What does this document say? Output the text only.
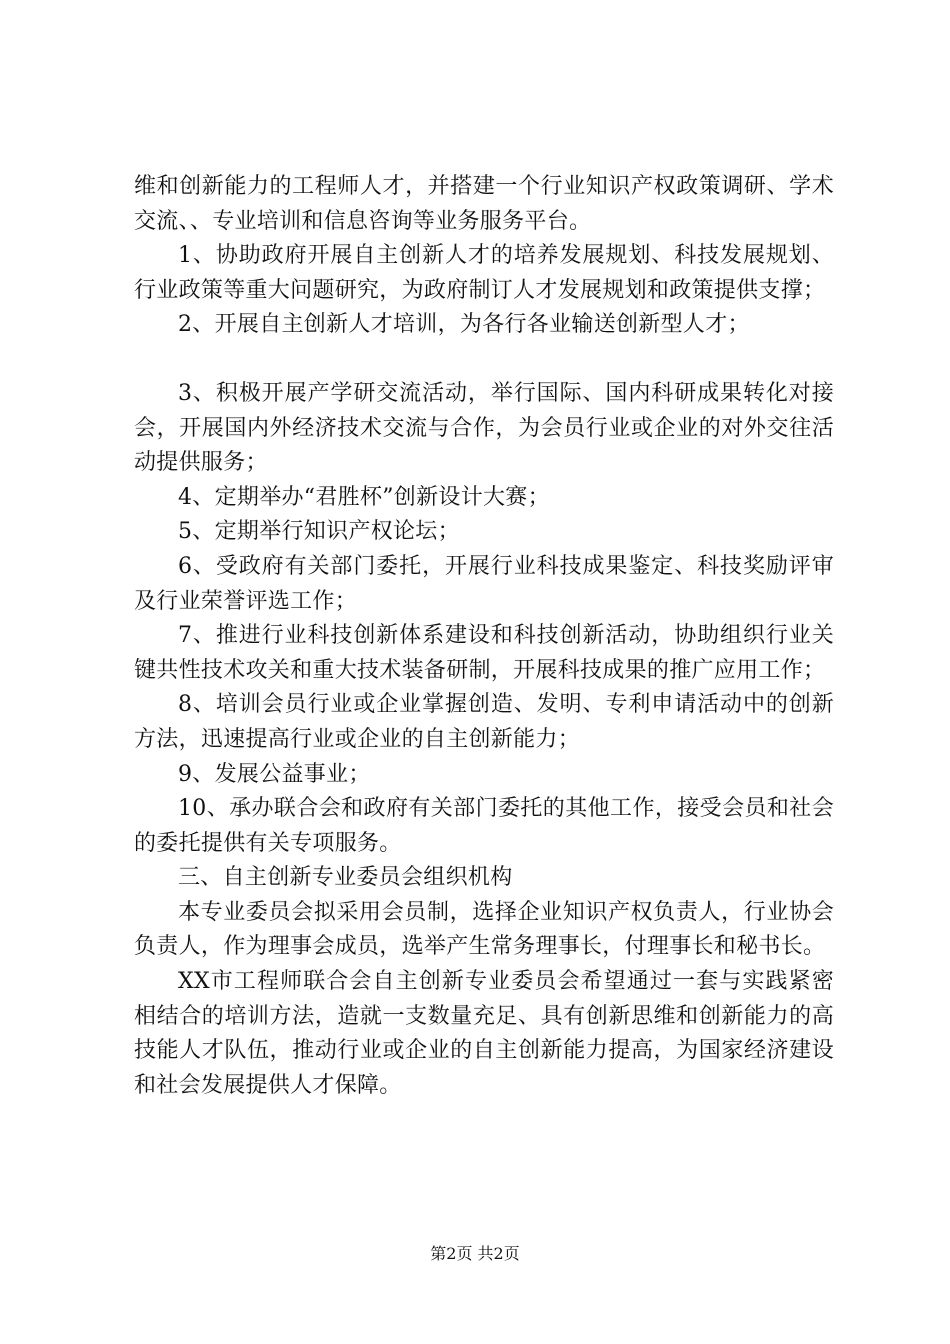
维和创新能力的工程师人才，并搭建一个行业知识产权政策调研、学术交流、、专业培训和信息咨询等业务服务平台。

1、协助政府开展自主创新人才的培养发展规划、科技发展规划、行业政策等重大问题研究，为政府制订人才发展规划和政策提供支撑；

2、开展自主创新人才培训，为各行各业输送创新型人才；

3、积极开展产学研交流活动，举行国际、国内科研成果转化对接会，开展国内外经济技术交流与合作，为会员行业或企业的对外交往活动提供服务；

4、定期举办“君胜杯”创新设计大赛；

5、定期举行知识产权论坛；

6、受政府有关部门委托，开展行业科技成果鉴定、科技奖励评审及行业荣誉评选工作；

7、推进行业科技创新体系建设和科技创新活动，协助组织行业关键共性技术攻关和重大技术装备研制，开展科技成果的推广应用工作；

8、培训会员行业或企业掌握创造、发明、专利申请活动中的创新方法，迅速提高行业或企业的自主创新能力；

9、发展公益事业；

10、承办联合会和政府有关部门委托的其他工作，接受会员和社会的委托提供有关专项服务。

三、自主创新专业委员会组织机构

本专业委员会拟采用会员制，选择企业知识产权负责人，行业协会负责人，作为理事会成员，选举产生常务理事长，付理事长和秘书长。

XX市工程师联合会自主创新专业委员会希望通过一套与实践紧密相结合的培训方法，造就一支数量充足、具有创新思维和创新能力的高技能人才队伍，推动行业或企业的自主创新能力提高，为国家经济建设和社会发展提供人才保障。

第2页 共2页
